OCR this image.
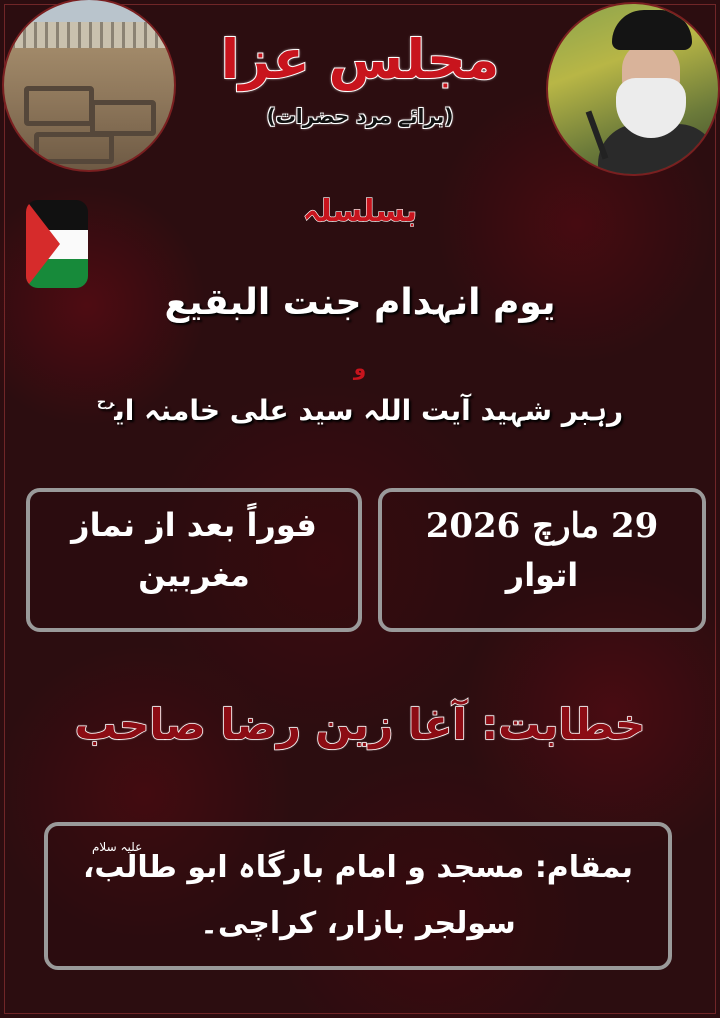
مجلس عزا
(برائے مرد حضرات)
بسلسلہ
یوم انہدام جنت البقیع
و
رہبر شہید آیت اللہ سید علی خامنہ ای$^{رح}$
29 مارچ 2026
اتوار
فوراً بعد از نماز
مغربین
خطابت: آغا زین رضا صاحب
بمقام: مسجد و امام بارگاہ ابو طالب،
علیہ سلام
سولجر بازار، کراچی۔
